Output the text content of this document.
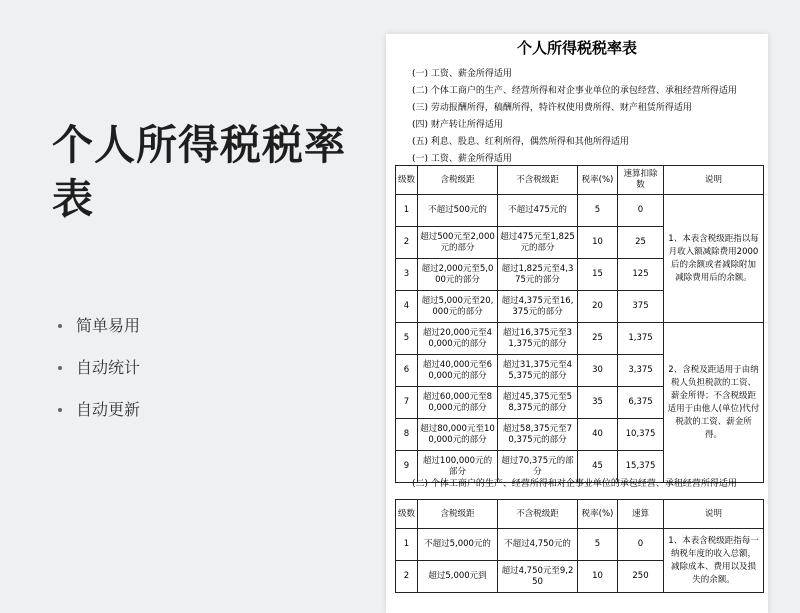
个人所得税税率表
简单易用
自动统计
自动更新
个人所得税税率表
(一) 工资、薪金所得适用
(二) 个体工商户的生产、经营所得和对企事业单位的承包经营、承租经营所得适用
(三) 劳动报酬所得，稿酬所得，特许权使用费所得、财产租赁所得适用
(四) 财产转让所得适用
(五) 利息、股息、红利所得，偶然所得和其他所得适用
(一) 工资、薪金所得适用
级数	含税级距	不含税级距	税率(%)	速算扣除数	说明
1	不超过500元的	不超过475元的	5	0	1、本表含税级距指以每月收入额减除费用2000后的余额或者减除附加减除费用后的余额。
2	超过500元至2,000元的部分	超过475元至1,825元的部分	10	25	
3	超过2,000元至5,000元的部分	超过1,825元至4,375元的部分	15	125	
4	超过5,000元至20,000元的部分	超过4,375元至16,375元的部分	20	375	
5	超过20,000元至40,000元的部分	超过16,375元至31,375元的部分	25	1,375	2、含税及距适用于由纳税人负担税款的工资、薪金所得；不含税级距适用于由他人(单位)代付税款的工资、薪金所得。
6	超过40,000元至60,000元的部分	超过31,375元至45,375元的部分	30	3,375	
7	超过60,000元至80,000元的部分	超过45,375元至58,375元的部分	35	6,375	
8	超过80,000元至100,000元的部分	超过58,375元至70,375元的部分	40	10,375	
9	超过100,000元的部分	超过70,375元的部分	45	15,375	
(二) 个体工商户的生产、经营所得和对企事业单位的承包经营、承租经营所得适用
级数	含税级距	不含税级距	税率(%)	速算	说明
1	不超过5,000元的	不超过4,750元的	5	0	1、本表含税级距指每一纳税年度的收入总额，减除成本、费用以及损失的余额。
2	超过5,000元到	超过4,750元至9,250	10	250	
